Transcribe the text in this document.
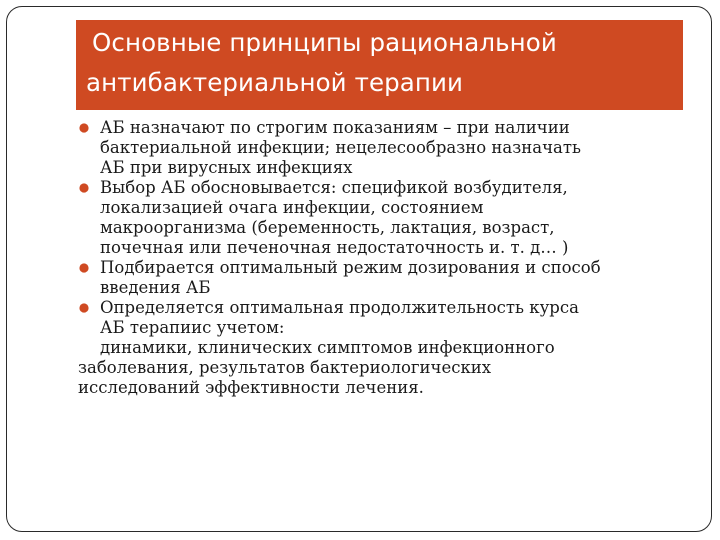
Основные принципы рациональной
антибактериальной терапии
АБ назначают по строгим показаниям – при наличии
бактериальной инфекции; нецелесообразно назначать
АБ при вирусных инфекциях
Выбор АБ обосновывается: спецификой возбудителя,
локализацией очага инфекции, состоянием
макроорганизма (беременность, лактация, возраст,
почечная или печеночная недостаточность и. т. д… )
Подбирается оптимальный режим дозирования и способ
введения АБ
Определяется оптимальная продолжительность курса
АБ терапиис учетом:
динамики, клинических симптомов инфекционного
заболевания, результатов бактериологических
исследований эффективности лечения.
